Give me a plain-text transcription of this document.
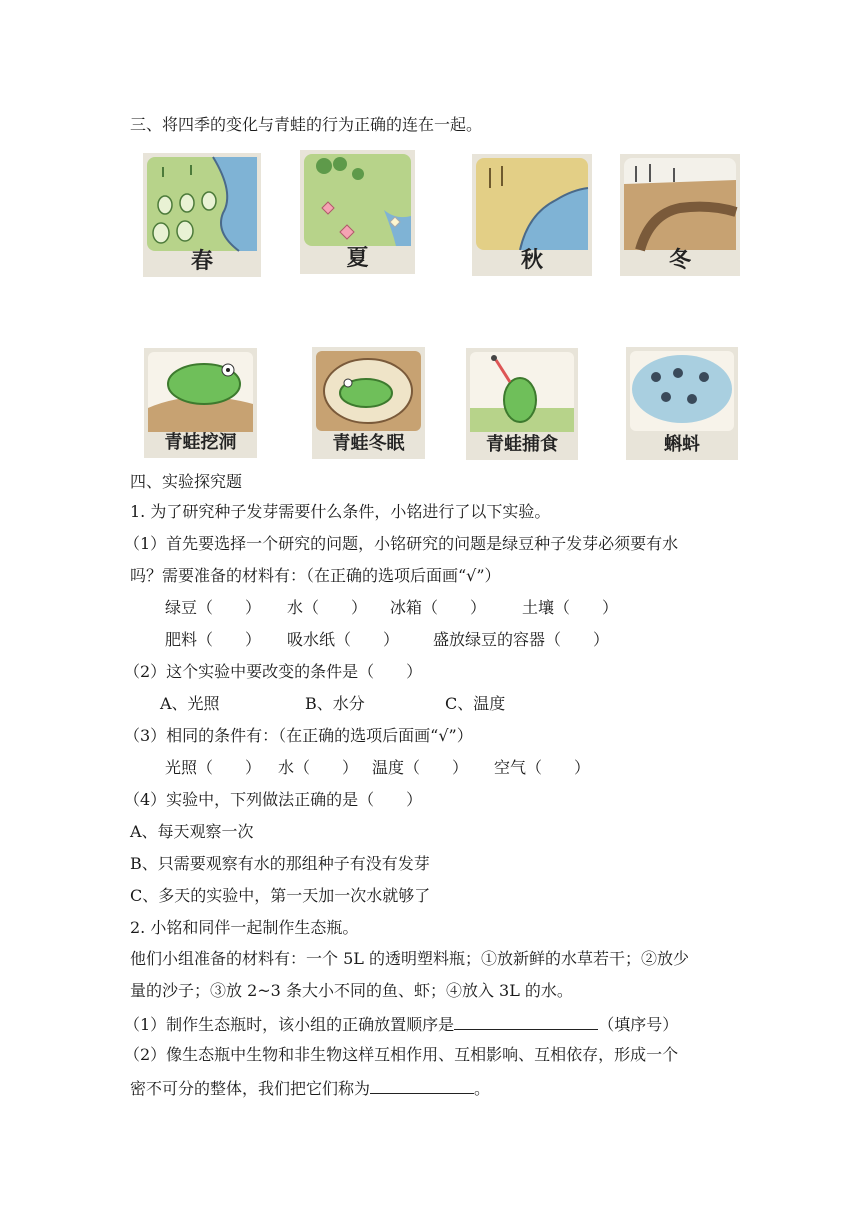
三、将四季的变化与青蛙的行为正确的连在一起。
春	夏	秋	冬
青蛙挖洞	青蛙冬眠	青蛙捕食	蝌蚪
四、实验探究题
1. 为了研究种子发芽需要什么条件，小铭进行了以下实验。
（1）首先要选择一个研究的问题，小铭研究的问题是绿豆种子发芽必须要有水
吗？需要准备的材料有：（在正确的选项后面画“√”）
绿豆（　　） 水（　　） 冰箱（　　） 土壤（　　）
肥料（　　） 吸水纸（　　） 盛放绿豆的容器（　　）
（2）这个实验中要改变的条件是（　　）
A、光照	B、水分	C、温度
（3）相同的条件有：（在正确的选项后面画“√”）
光照（　　） 水（　　） 温度（　　） 空气（　　）
（4）实验中，下列做法正确的是（　　）
A、每天观察一次
B、只需要观察有水的那组种子有没有发芽
C、多天的实验中，第一天加一次水就够了
2. 小铭和同伴一起制作生态瓶。
他们小组准备的材料有：一个 5L 的透明塑料瓶；①放新鲜的水草若干；②放少
量的沙子；③放 2~3 条大小不同的鱼、虾；④放入 3L 的水。
（1）制作生态瓶时，该小组的正确放置顺序是	（填序号）
（2）像生态瓶中生物和非生物这样互相作用、互相影响、互相依存，形成一个
密不可分的整体，我们把它们称为	。
